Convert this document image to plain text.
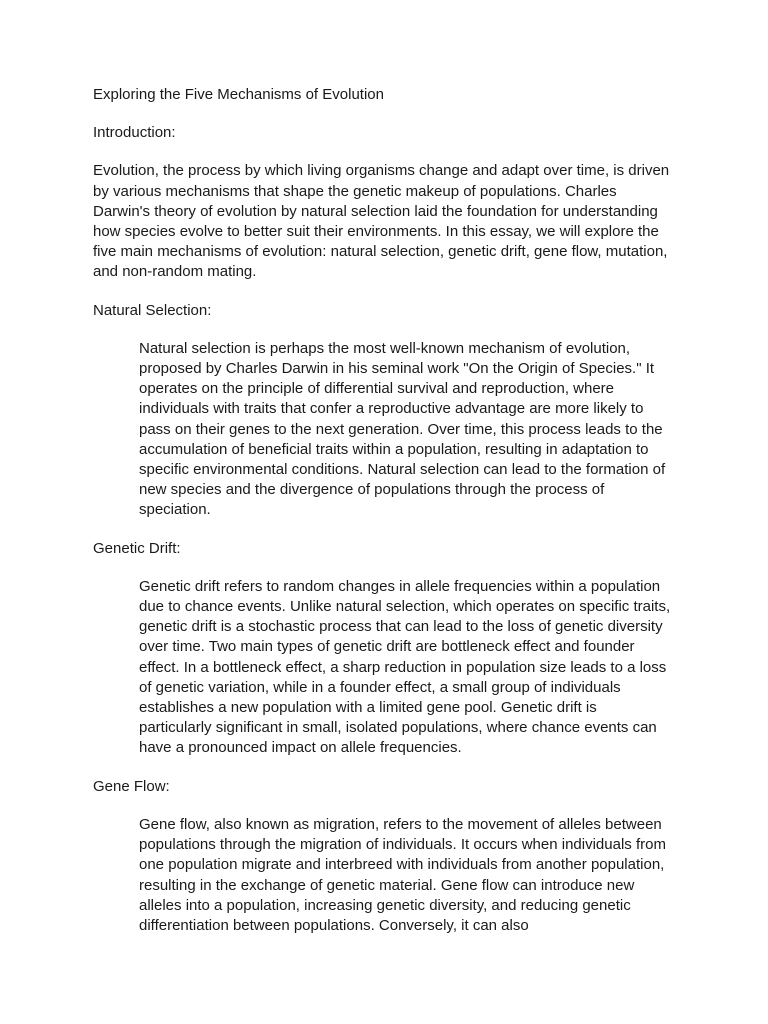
Exploring the Five Mechanisms of Evolution

Introduction:

Evolution, the process by which living organisms change and adapt over time, is driven by various mechanisms that shape the genetic makeup of populations. Charles Darwin's theory of evolution by natural selection laid the foundation for understanding how species evolve to better suit their environments. In this essay, we will explore the five main mechanisms of evolution: natural selection, genetic drift, gene flow, mutation, and non-random mating.

Natural Selection:

Natural selection is perhaps the most well-known mechanism of evolution, proposed by Charles Darwin in his seminal work "On the Origin of Species." It operates on the principle of differential survival and reproduction, where individuals with traits that confer a reproductive advantage are more likely to pass on their genes to the next generation. Over time, this process leads to the accumulation of beneficial traits within a population, resulting in adaptation to specific environmental conditions. Natural selection can lead to the formation of new species and the divergence of populations through the process of speciation.

Genetic Drift:

Genetic drift refers to random changes in allele frequencies within a population due to chance events. Unlike natural selection, which operates on specific traits, genetic drift is a stochastic process that can lead to the loss of genetic diversity over time. Two main types of genetic drift are bottleneck effect and founder effect. In a bottleneck effect, a sharp reduction in population size leads to a loss of genetic variation, while in a founder effect, a small group of individuals establishes a new population with a limited gene pool. Genetic drift is particularly significant in small, isolated populations, where chance events can have a pronounced impact on allele frequencies.

Gene Flow:

Gene flow, also known as migration, refers to the movement of alleles between populations through the migration of individuals. It occurs when individuals from one population migrate and interbreed with individuals from another population, resulting in the exchange of genetic material. Gene flow can introduce new alleles into a population, increasing genetic diversity, and reducing genetic differentiation between populations. Conversely, it can also
